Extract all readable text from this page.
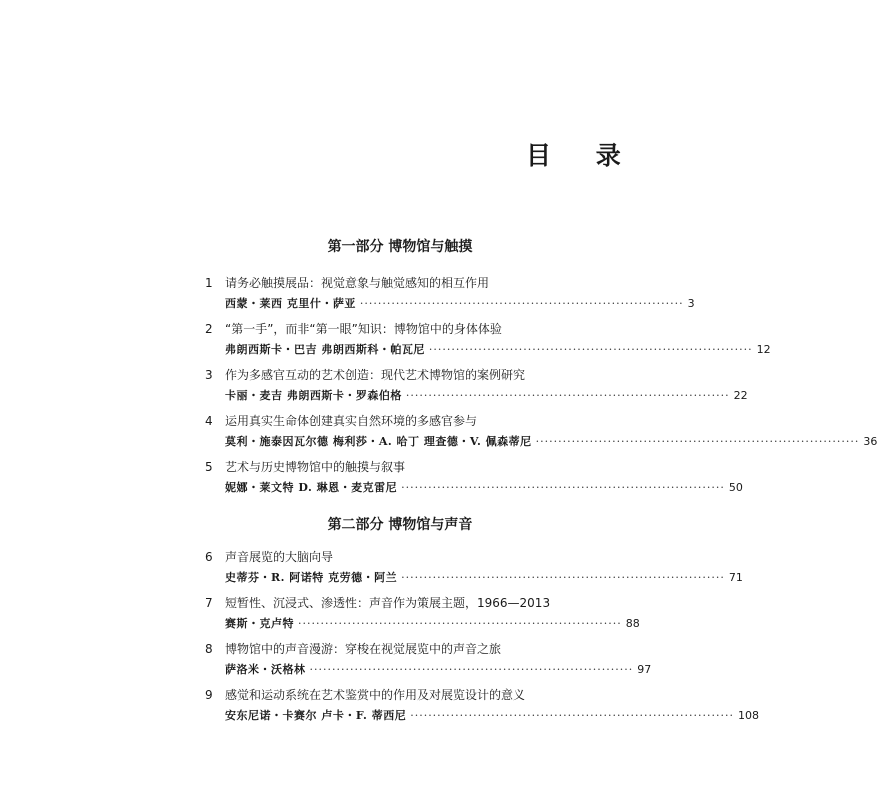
目 录
第一部分 博物馆与触摸
第二部分 博物馆与声音
1 请务必触摸展品：视觉意象与触觉感知的相互作用
西蒙・莱西 克里什・萨亚 ········································································ 3
2 “第一手”，而非“第一眼”知识：博物馆中的身体体验
弗朗西斯卡・巴吉 弗朗西斯科・帕瓦尼 ········································································ 12
3 作为多感官互动的艺术创造：现代艺术博物馆的案例研究
卡丽・麦吉 弗朗西斯卡・罗森伯格 ········································································ 22
4 运用真实生命体创建真实自然环境的多感官参与
莫利・施泰因瓦尔德 梅利莎・A. 哈丁 理查德・V. 佩森蒂尼 ········································································ 36
5 艺术与历史博物馆中的触摸与叙事
妮娜・莱文特 D. 琳恩・麦克雷尼 ········································································ 50
6 声音展览的大脑向导
史蒂芬・R. 阿诺特 克劳德・阿兰 ········································································ 71
7 短暂性、沉浸式、渗透性：声音作为策展主题，1966—2013
赛斯・克卢特 ········································································ 88
8 博物馆中的声音漫游：穿梭在视觉展览中的声音之旅
萨洛米・沃格林 ········································································ 97
9 感觉和运动系统在艺术鉴赏中的作用及对展览设计的意义
安东尼诺・卡赛尔 卢卡・F. 蒂西尼 ········································································ 108
